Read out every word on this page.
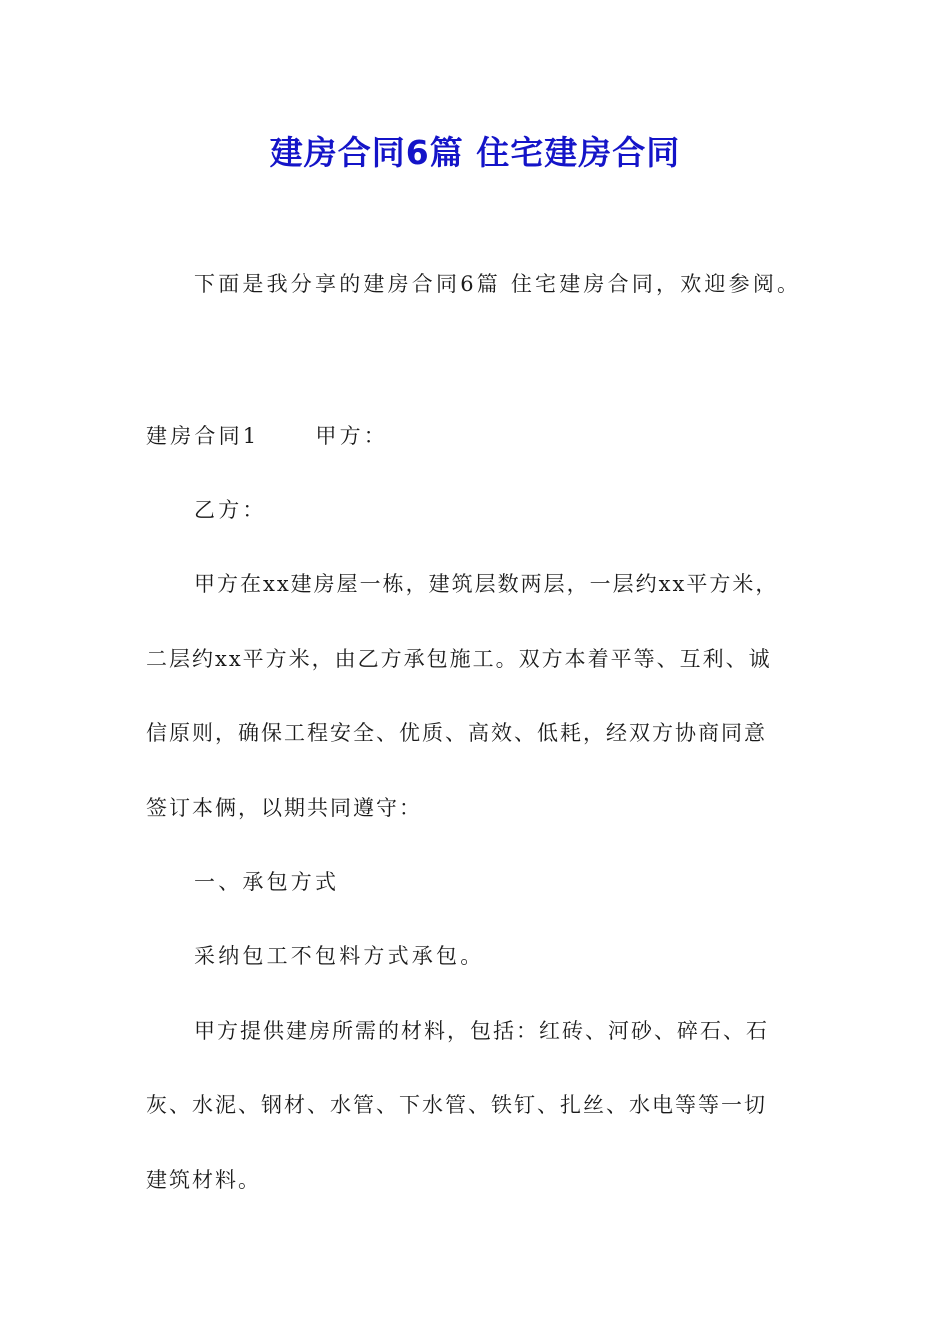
建房合同6篇 住宅建房合同

下面是我分享的建房合同6篇 住宅建房合同，欢迎参阅。

建房合同1	甲方：

乙方：

甲方在xx建房屋一栋，建筑层数两层，一层约xx平方米，

二层约xx平方米，由乙方承包施工。双方本着平等、互利、诚

信原则，确保工程安全、优质、高效、低耗，经双方协商同意

签订本俩，以期共同遵守：

一、承包方式

采纳包工不包料方式承包。

甲方提供建房所需的材料，包括：红砖、河砂、碎石、石

灰、水泥、钢材、水管、下水管、铁钉、扎丝、水电等等一切

建筑材料。
